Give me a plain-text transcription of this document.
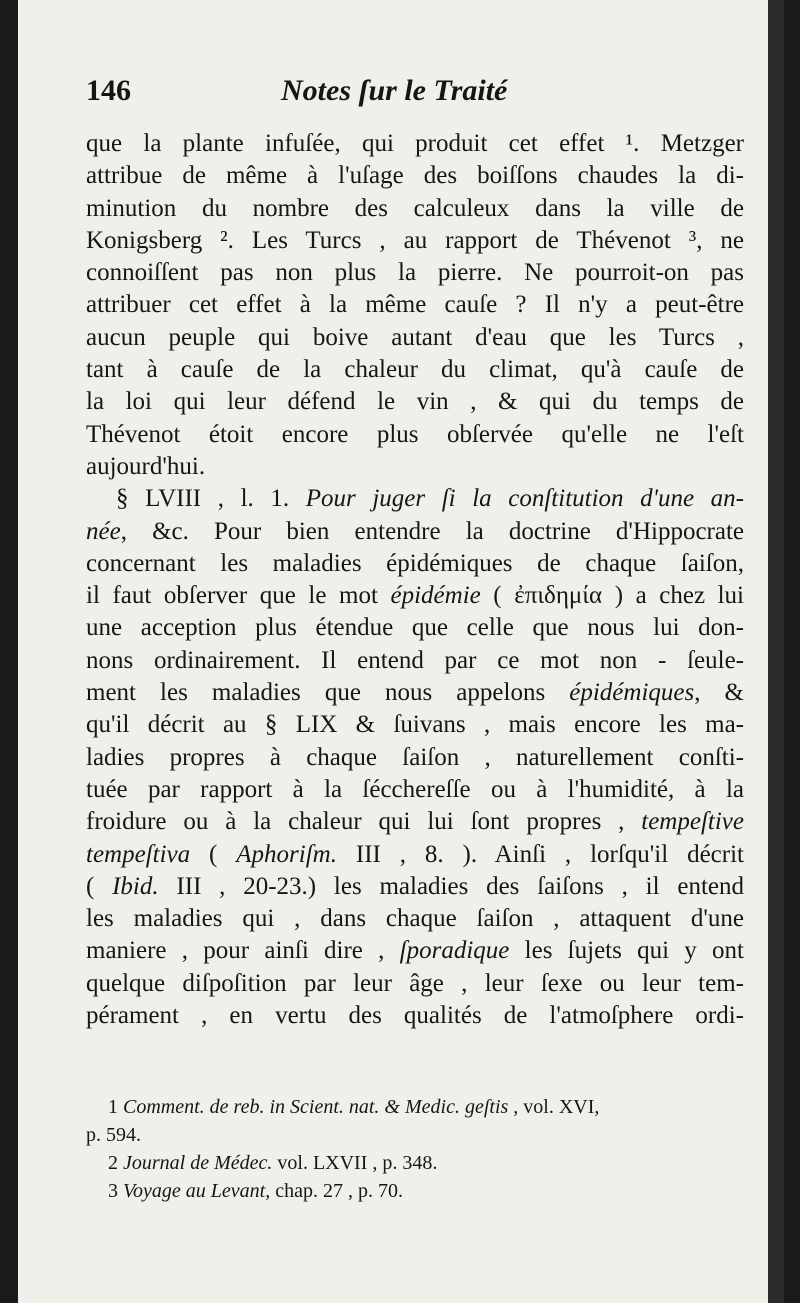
146	Notes ſur le Traité
que la plante infuſée, qui produit cet effet ¹. Metzger
attribue de même à l'uſage des boiſſons chaudes la di-
minution du nombre des calculeux dans la ville de
Konigsberg ². Les Turcs , au rapport de Thévenot ³, ne
connoiſſent pas non plus la pierre. Ne pourroit-on pas
attribuer cet effet à la même cauſe ? Il n'y a peut-être
aucun peuple qui boive autant d'eau que les Turcs ,
tant à cauſe de la chaleur du climat, qu'à cauſe de
la loi qui leur défend le vin , & qui du temps de
Thévenot étoit encore plus obſervée qu'elle ne l'eſt
aujourd'hui.
§ LVIII , l. 1. Pour juger ſi la conſtitution d'une an-
née, &c. Pour bien entendre la doctrine d'Hippocrate
concernant les maladies épidémiques de chaque ſaiſon,
il faut obſerver que le mot épidémie ( ἐπιδημία ) a chez lui
une acception plus étendue que celle que nous lui don-
nons ordinairement. Il entend par ce mot non - ſeule-
ment les maladies que nous appelons épidémiques, &
qu'il décrit au § LIX & ſuivans , mais encore les ma-
ladies propres à chaque ſaiſon , naturellement conſti-
tuée par rapport à la ſécchereſſe ou à l'humidité, à la
froidure ou à la chaleur qui lui ſont propres , tempeſtive
tempeſtiva ( Aphoriſm. III , 8. ). Ainſi , lorſqu'il décrit
( Ibid. III , 20-23.) les maladies des ſaiſons , il entend
les maladies qui , dans chaque ſaiſon , attaquent d'une
maniere , pour ainſi dire , ſporadique les ſujets qui y ont
quelque diſpoſition par leur âge , leur ſexe ou leur tem-
pérament , en vertu des qualités de l'atmoſphere ordi-
1 Comment. de reb. in Scient. nat. & Medic. geſtis , vol. XVI,
p. 594.
2 Journal de Médec. vol. LXVII , p. 348.
3 Voyage au Levant, chap. 27 , p. 70.
